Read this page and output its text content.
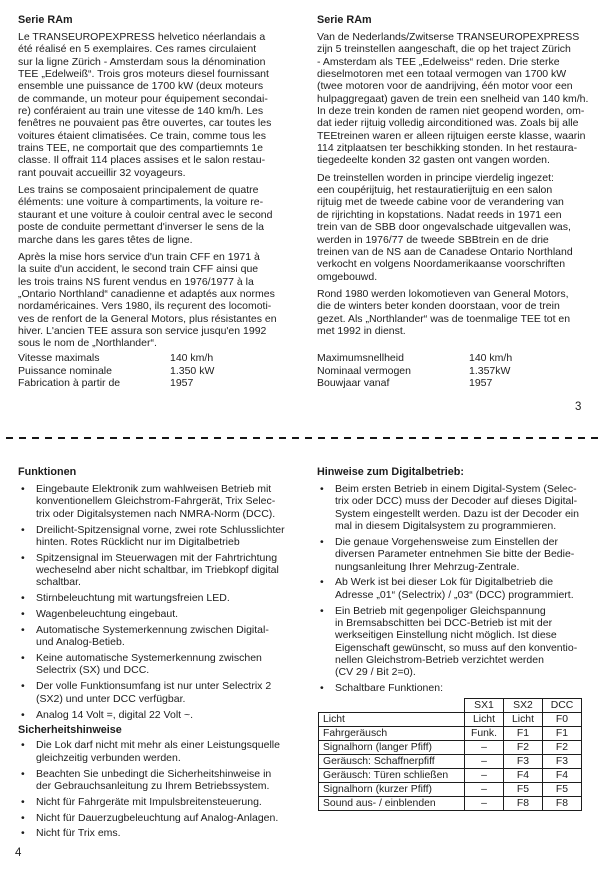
Serie RAm
Le TRANSEUROPEXPRESS helvetico néerlandais a
été réalisé en 5 exemplaires. Ces rames circulaient
sur la ligne Zürich - Amsterdam sous la dénomination
TEE „Edelweiß“. Trois gros moteurs diesel fournissant
ensemble une puissance de 1700 kW (deux moteurs
de commande, un moteur pour équipement secondai-
re) conféraient au train une vitesse de 140 km/h. Les
fenêtres ne pouvaient pas être ouvertes, car toutes les
voitures étaient climatisées. Ce train, comme tous les
trains TEE, ne comportait que des compartiemnts 1e
classe. Il offrait 114 places assises et le salon restau-
rant pouvait accueillir 32 voyageurs.
Les trains se composaient principalement de quatre
éléments: une voiture à compartiments, la voiture re-
staurant et une voiture à couloir central avec le second
poste de conduite permettant d'inverser le sens de la
marche dans les gares têtes de ligne.
Après la mise hors service d'un train CFF en 1971 à
la suite d'un accident, le second train CFF ainsi que
les trois trains NS furent vendus en 1976/1977 à la
„Ontario Northland“ canadienne et adaptés aux normes
nordaméricaines. Vers 1980, ils reçurent des locomoti-
ves de renfort de la General Motors, plus résistantes en
hiver. L'ancien TEE assura son service jusqu'en 1992
sous le nom de „Northlander“.
Serie RAm
Van de Nederlands/Zwitserse TRANSEUROPEXPRESS
zijn 5 treinstellen aangeschaft, die op het traject Zürich
- Amsterdam als TEE „Edelweiss“ reden. Drie sterke
dieselmotoren met een totaal vermogen van 1700 kW
(twee motoren voor de aandrijving, één motor voor een
hulpaggregaat) gaven de trein een snelheid van 140 km/h.
In deze trein konden de ramen niet geopend worden, om-
dat ieder rijtuig volledig airconditioned was. Zoals bij alle
TEEtreinen waren er alleen rijtuigen eerste klasse, waarin
114 zitplaatsen ter beschikking stonden. In het restaura-
tiegedeelte konden 32 gasten ont vangen worden.
De treinstellen worden in principe vierdelig ingezet:
een coupérijtuig, het restauratierijtuig en een salon
rijtuig met de tweede cabine voor de verandering van
de rijrichting in kopstations. Nadat reeds in 1971 een
trein van de SBB door ongevalschade uitgevallen was,
werden in 1976/77 de tweede SBBtrein en de drie
treinen van de NS aan de Canadese Ontario Northland
verkocht en volgens Noordamerikaanse voorschriften
omgebouwd.
Rond 1980 werden lokomotieven van General Motors,
die de winters beter konden doorstaan, voor de trein
gezet. Als „Northlander“ was de toenmalige TEE tot en
met 1992 in dienst.
Vitesse maximals	140 km/h
Puissance nominale	1.350 kW
Fabrication à partir de	1957
Maximumsnellheid	140 km/h
Nominaal vermogen	1.357kW
Bouwjaar vanaf	1957
3
Funktionen
•	Eingebaute Elektronik zum wahlweisen Betrieb mit
konventionellem Gleichstrom-Fahrgerät, Trix Selec-
trix oder Digitalsystemen nach NMRA-Norm (DCC).
•	Dreilicht-Spitzensignal vorne, zwei rote Schlusslichter
hinten. Rotes Rücklicht nur im Digitalbetrieb
•	Spitzensignal im Steuerwagen mit der Fahrtrichtung
wecheselnd aber nicht schaltbar, im Triebkopf digital
schaltbar.
•	Stirnbeleuchtung mit wartungsfreien LED.
•	Wagenbeleuchtung eingebaut.
•	Automatische Systemerkennung zwischen Digital-
und Analog-Betieb.
•	Keine automatische Systemerkennung zwischen
Selectrix (SX) und DCC.
•	Der volle Funktionsumfang ist nur unter Selectrix 2
(SX2) und unter DCC verfügbar.
•	Analog 14 Volt =, digital 22 Volt ~.
Sicherheitshinweise
•	Die Lok darf nicht mit mehr als einer Leistungsquelle
gleichzeitig verbunden werden.
•	Beachten Sie unbedingt die Sicherheitshinweise in
der Gebrauchsanleitung zu Ihrem Betriebssystem.
•	Nicht für Fahrgeräte mit Impulsbreitensteuerung.
•	Nicht für Dauerzugbeleuchtung auf Analog-Anlagen.
•	Nicht für Trix ems.
Hinweise zum Digitalbetrieb:
•	Beim ersten Betrieb in einem Digital-System (Selec-
trix oder DCC) muss der Decoder auf dieses Digital-
System eingestellt werden. Dazu ist der Decoder ein
mal in diesem Digitalsystem zu programmieren.
•	Die genaue Vorgehensweise zum Einstellen der
diversen Parameter entnehmen Sie bitte der Bedie-
nungsanleitung Ihrer Mehrzug-Zentrale.
•	Ab Werk ist bei dieser Lok für Digitalbetrieb die
Adresse „01“ (Selectrix) / „03“ (DCC) programmiert.
•	Ein Betrieb mit gegenpoliger Gleichspannung
in Bremsabschitten bei DCC-Betrieb ist mit der
werkseitigen Einstellung nicht möglich. Ist diese
Eigenschaft gewünscht, so muss auf den konventio-
nellen Gleichstrom-Betrieb verzichtet werden
(CV 29 / Bit 2=0).
•	Schaltbare Funktionen:
	SX1	SX2	DCC
Licht	Licht	Licht	F0
Fahrgeräusch	Funk.	F1	F1
Signalhorn (langer Pfiff)	–	F2	F2
Geräusch: Schaffnerpfiff	–	F3	F3
Geräusch: Türen schließen	–	F4	F4
Signalhorn (kurzer Pfiff)	–	F5	F5
Sound aus- / einblenden	–	F8	F8
4
